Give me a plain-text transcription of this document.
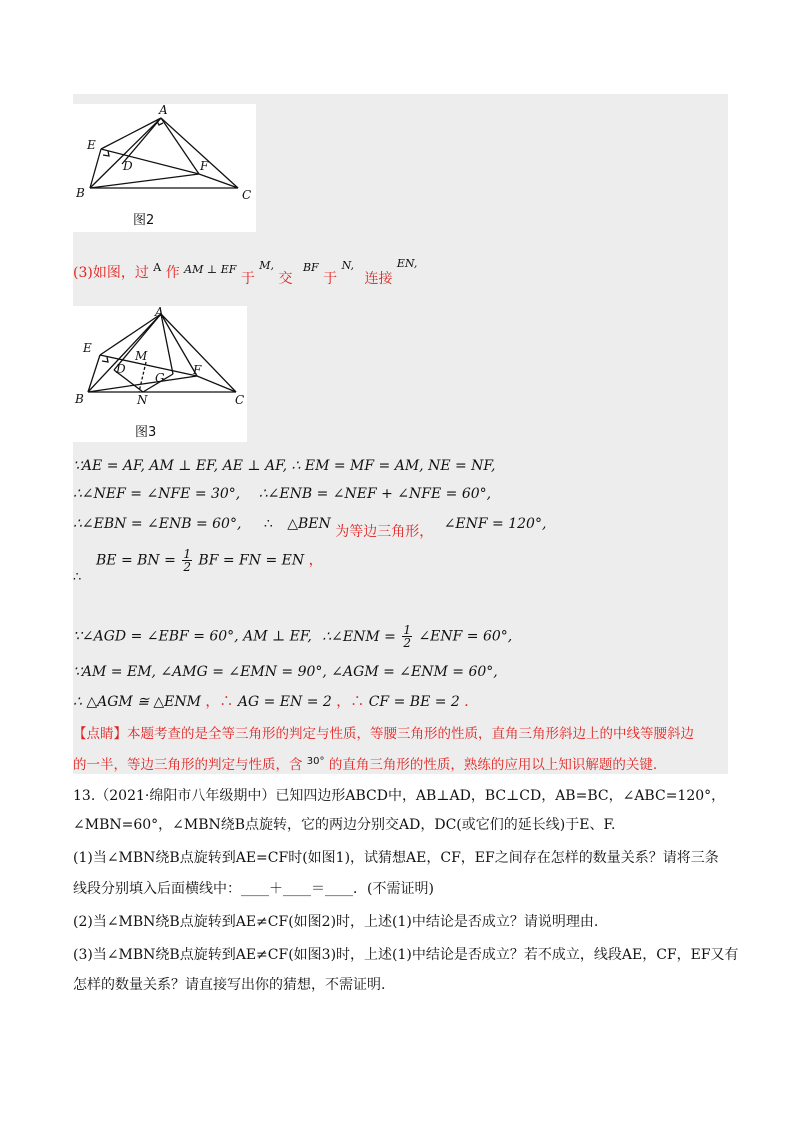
A
E
D	F
B	C
图2
(3)如图，过 $^A$ 作 $^{AM \perp EF}$ 于 $^{M,}$ 交 $^{BF}$ 于 $^{N,}$ 连接 $^{EN,}$
A
E
M
D
G
F
N
B	C
图3
∵AE = AF, AM ⊥ EF, AE ⊥ AF, ∴ EM = MF = AM, NE = NF,
∴∠NEF = ∠NFE = 30°, ∴∠ENB = ∠NEF + ∠NFE = 60°,
∴∠EBN = ∠ENB = 60°, ∴ △BEN 为等边三角形， ∠ENF = 120°,
∴
BE = BN = $\frac{1}{2}$ BF = FN = EN ，
∵∠AGD = ∠EBF = 60°, AM ⊥ EF, ∴∠ENM = $\frac{1}{2}$ ∠ENF = 60°,
∵AM = EM, ∠AMG = ∠EMN = 90°, ∠AGM = ∠ENM = 60°,
∴ △AGM ≅ △ENM ，∴ AG = EN = 2 ，∴ CF = BE = 2 ．
【点睛】本题考查的是全等三角形的判定与性质，等腰三角形的性质，直角三角形斜边上的中线等腰斜边
的一半，等边三角形的判定与性质，含 $^{30^\circ}$ 的直角三角形的性质，熟练的应用以上知识解题的关键.
13.（2021·绵阳市八年级期中）已知四边形ABCD中，AB⊥AD，BC⊥CD，AB=BC，∠ABC=120°，
∠MBN=60°，∠MBN绕B点旋转，它的两边分别交AD，DC(或它们的延长线)于E、F.
(1)当∠MBN绕B点旋转到AE=CF时(如图1)，试猜想AE，CF，EF之间存在怎样的数量关系？请将三条
线段分别填入后面横线中：____＋____＝____．(不需证明)
(2)当∠MBN绕B点旋转到AE≠CF(如图2)时，上述(1)中结论是否成立？请说明理由.
(3)当∠MBN绕B点旋转到AE≠CF(如图3)时，上述(1)中结论是否成立？若不成立，线段AE，CF，EF又有
怎样的数量关系？请直接写出你的猜想，不需证明.
